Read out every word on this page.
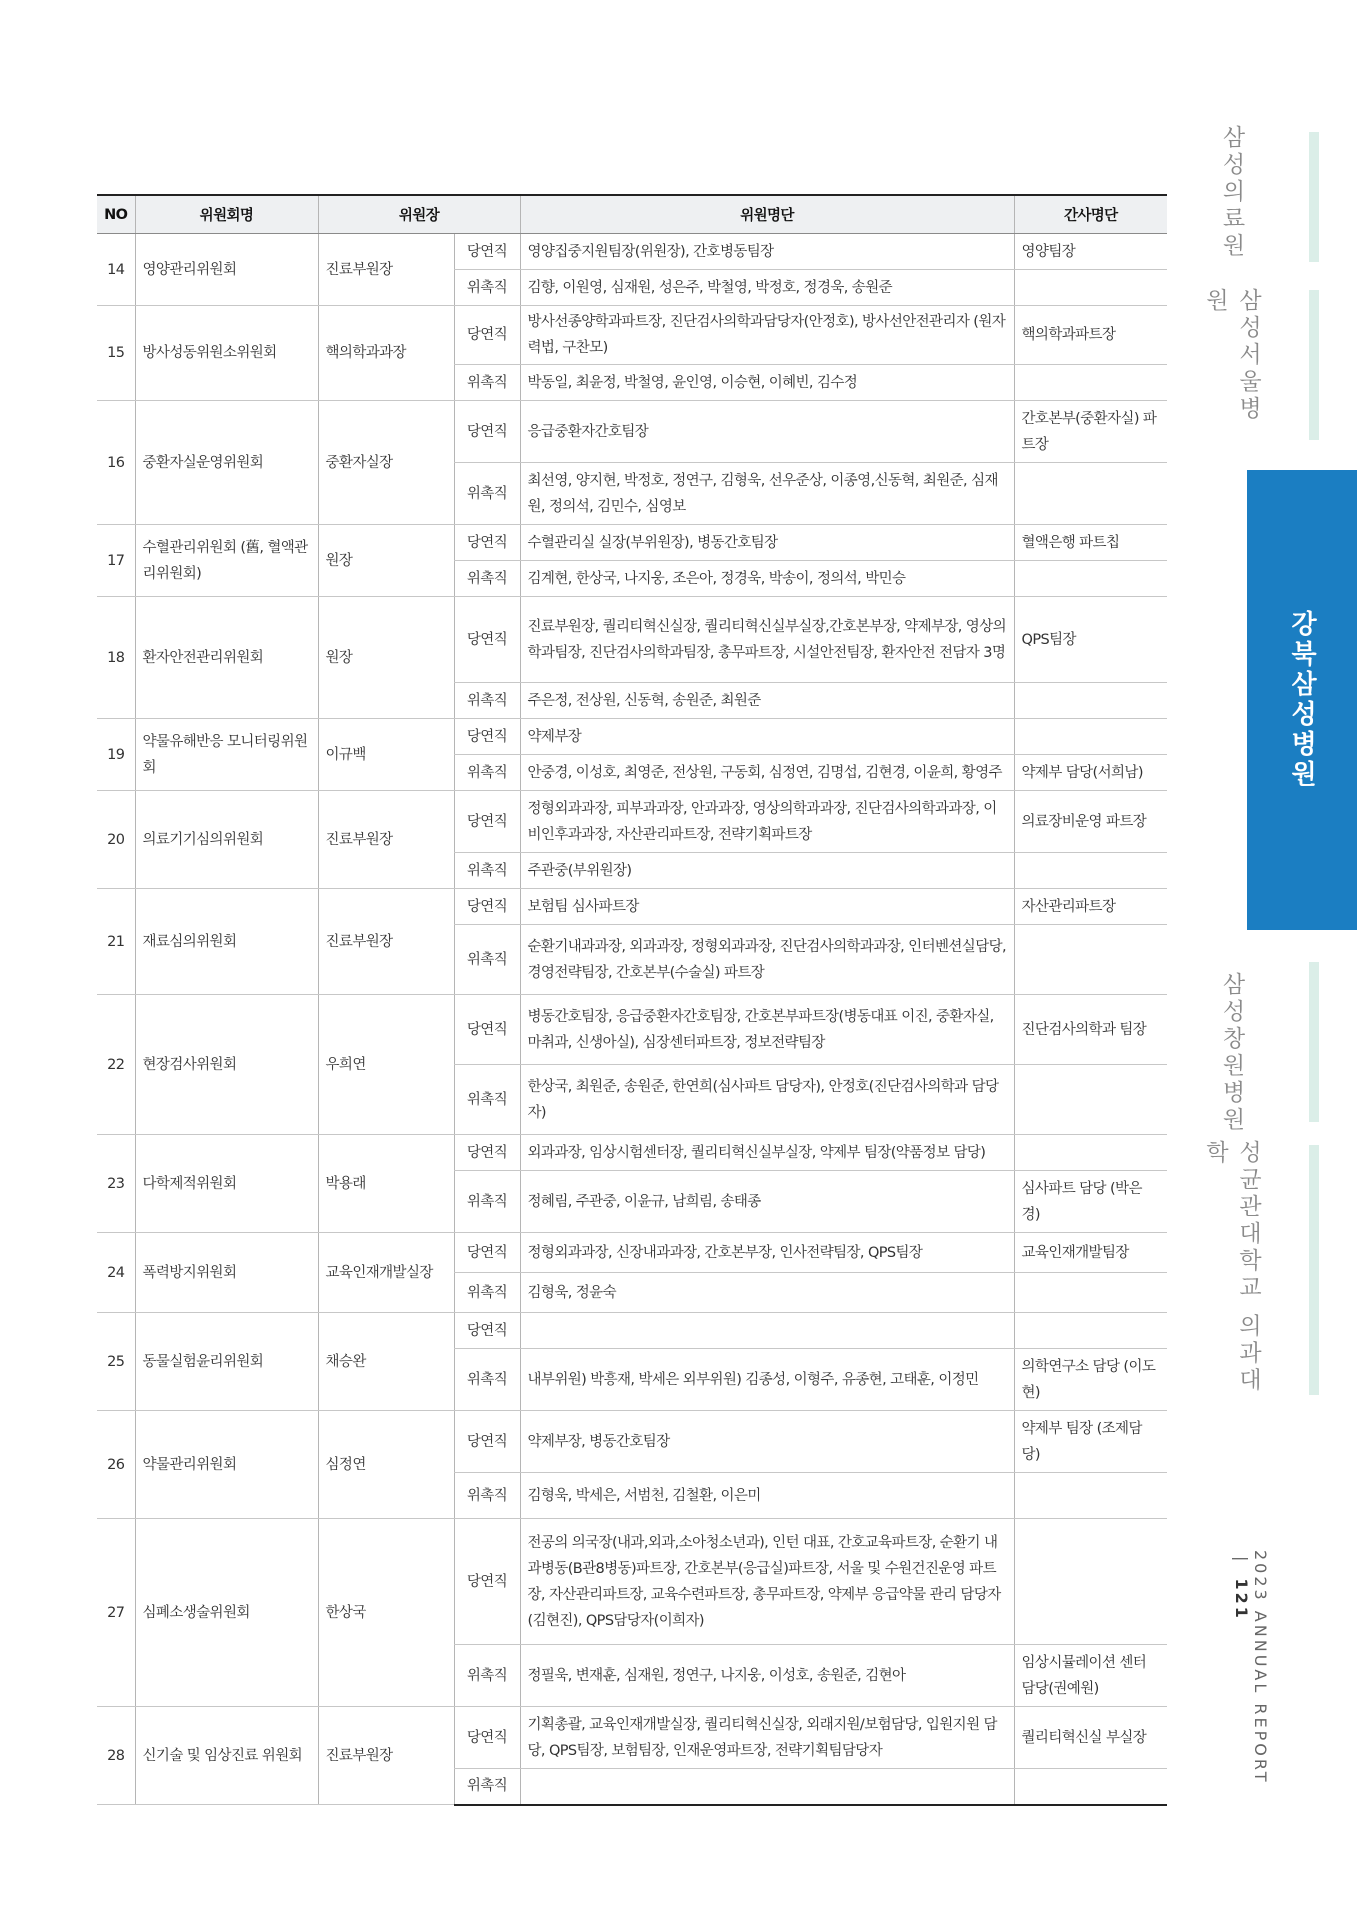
NO	위원회명	위원장		위원명단	간사명단
14	영양관리위원회	진료부원장	당연직	영양집중지원팀장(위원장), 간호병동팀장	영양팀장
			위촉직	김향, 이원영, 심재원, 성은주, 박철영, 박정호, 정경욱, 송원준	
15	방사성동위원소위원회	핵의학과과장	당연직	방사선종양학과파트장, 진단검사의학과담당자(안정호), 방사선안전관리자 (원자력법, 구찬모)	핵의학과파트장
			위촉직	박동일, 최윤정, 박철영, 윤인영, 이승현, 이혜빈, 김수정	
16	중환자실운영위원회	중환자실장	당연직	응급중환자간호팀장	간호본부(중환자실) 파트장
			위촉직	최선영, 양지현, 박정호, 정연구, 김형욱, 선우준상, 이종영,신동혁, 최원준, 심재원, 정의석, 김민수, 심영보	
17	수혈관리위원회 (舊, 혈액관리위원회)	원장	당연직	수혈관리실 실장(부위원장), 병동간호팀장	혈액은행 파트칩
			위촉직	김계현, 한상국, 나지웅, 조은아, 정경욱, 박송이, 정의석, 박민승	
18	환자안전관리위원회	원장	당연직	진료부원장, 퀄리티혁신실장, 퀄리티혁신실부실장,간호본부장, 약제부장, 영상의학과팀장, 진단검사의학과팀장, 총무파트장, 시설안전팀장, 환자안전 전담자 3명	QPS팀장
			위촉직	주은정, 전상원, 신동혁, 송원준, 최원준	
19	약물유해반응 모니터링위원회	이규백	당연직	약제부장	
			위촉직	안중경, 이성호, 최영준, 전상원, 구동회, 심정연, 김명섭, 김현경, 이윤희, 황영주	약제부 담당(서희남)
20	의료기기심의위원회	진료부원장	당연직	정형외과과장, 피부과과장, 안과과장, 영상의학과과장, 진단검사의학과과장, 이비인후과과장, 자산관리파트장, 전략기획파트장	의료장비운영 파트장
			위촉직	주관중(부위원장)	
21	재료심의위원회	진료부원장	당연직	보험팀 심사파트장	자산관리파트장
			위촉직	순환기내과과장, 외과과장, 정형외과과장, 진단검사의학과과장, 인터벤션실담당, 경영전략팀장, 간호본부(수술실) 파트장	
22	현장검사위원회	우희연	당연직	병동간호팀장, 응급중환자간호팀장, 간호본부파트장(병동대표 이진, 중환자실, 마취과, 신생아실), 심장센터파트장, 정보전략팀장	진단검사의학과 팀장
			위촉직	한상국, 최원준, 송원준, 한연희(심사파트 담당자), 안정호(진단검사의학과 담당자)	
23	다학제적위원회	박용래	당연직	외과과장, 임상시험센터장, 퀄리티혁신실부실장, 약제부 팀장(약품정보 담당)	
			위촉직	정혜림, 주관중, 이윤규, 남희림, 송태종	심사파트 담당 (박은경)
24	폭력방지위원회	교육인재개발실장	당연직	정형외과과장, 신장내과과장, 간호본부장, 인사전략팀장, QPS팀장	교육인재개발팀장
			위촉직	김형욱, 정윤숙	
25	동물실험윤리위원회	채승완	당연직		
			위촉직	내부위원) 박흥재, 박세은 외부위원) 김종성, 이형주, 유종현, 고태훈, 이정민	의학연구소 담당 (이도현)
26	약물관리위원회	심정연	당연직	약제부장, 병동간호팀장	약제부 팀장 (조제담당)
			위촉직	김형욱, 박세은, 서범천, 김철환, 이은미	
27	심폐소생술위원회	한상국	당연직	전공의 의국장(내과,외과,소아청소년과), 인턴 대표, 간호교육파트장, 순환기 내과병동(B관8병동)파트장, 간호본부(응급실)파트장, 서울 및 수원건진운영 파트장, 자산관리파트장, 교육수련파트장, 총무파트장, 약제부 응급약물 관리 담당자(김현진), QPS담당자(이희자)	
			위촉직	정필욱, 변재훈, 심재원, 정연구, 나지웅, 이성호, 송원준, 김현아	임상시뮬레이션 센터 담당(권예원)
28	신기술 및 임상진료 위원회	진료부원장	당연직	기획총괄, 교육인재개발실장, 퀄리티혁신실장, 외래지원/보험담당, 입원지원 담당, QPS팀장, 보험팀장, 인재운영파트장, 전략기획팀담당자	퀄리티혁신실 부실장
			위촉직		
삼성의료원
삼성서울병원
강북삼성병원
삼성창원병원
성균관대학교 의과대학
2023 ANNUAL REPORT | 121
